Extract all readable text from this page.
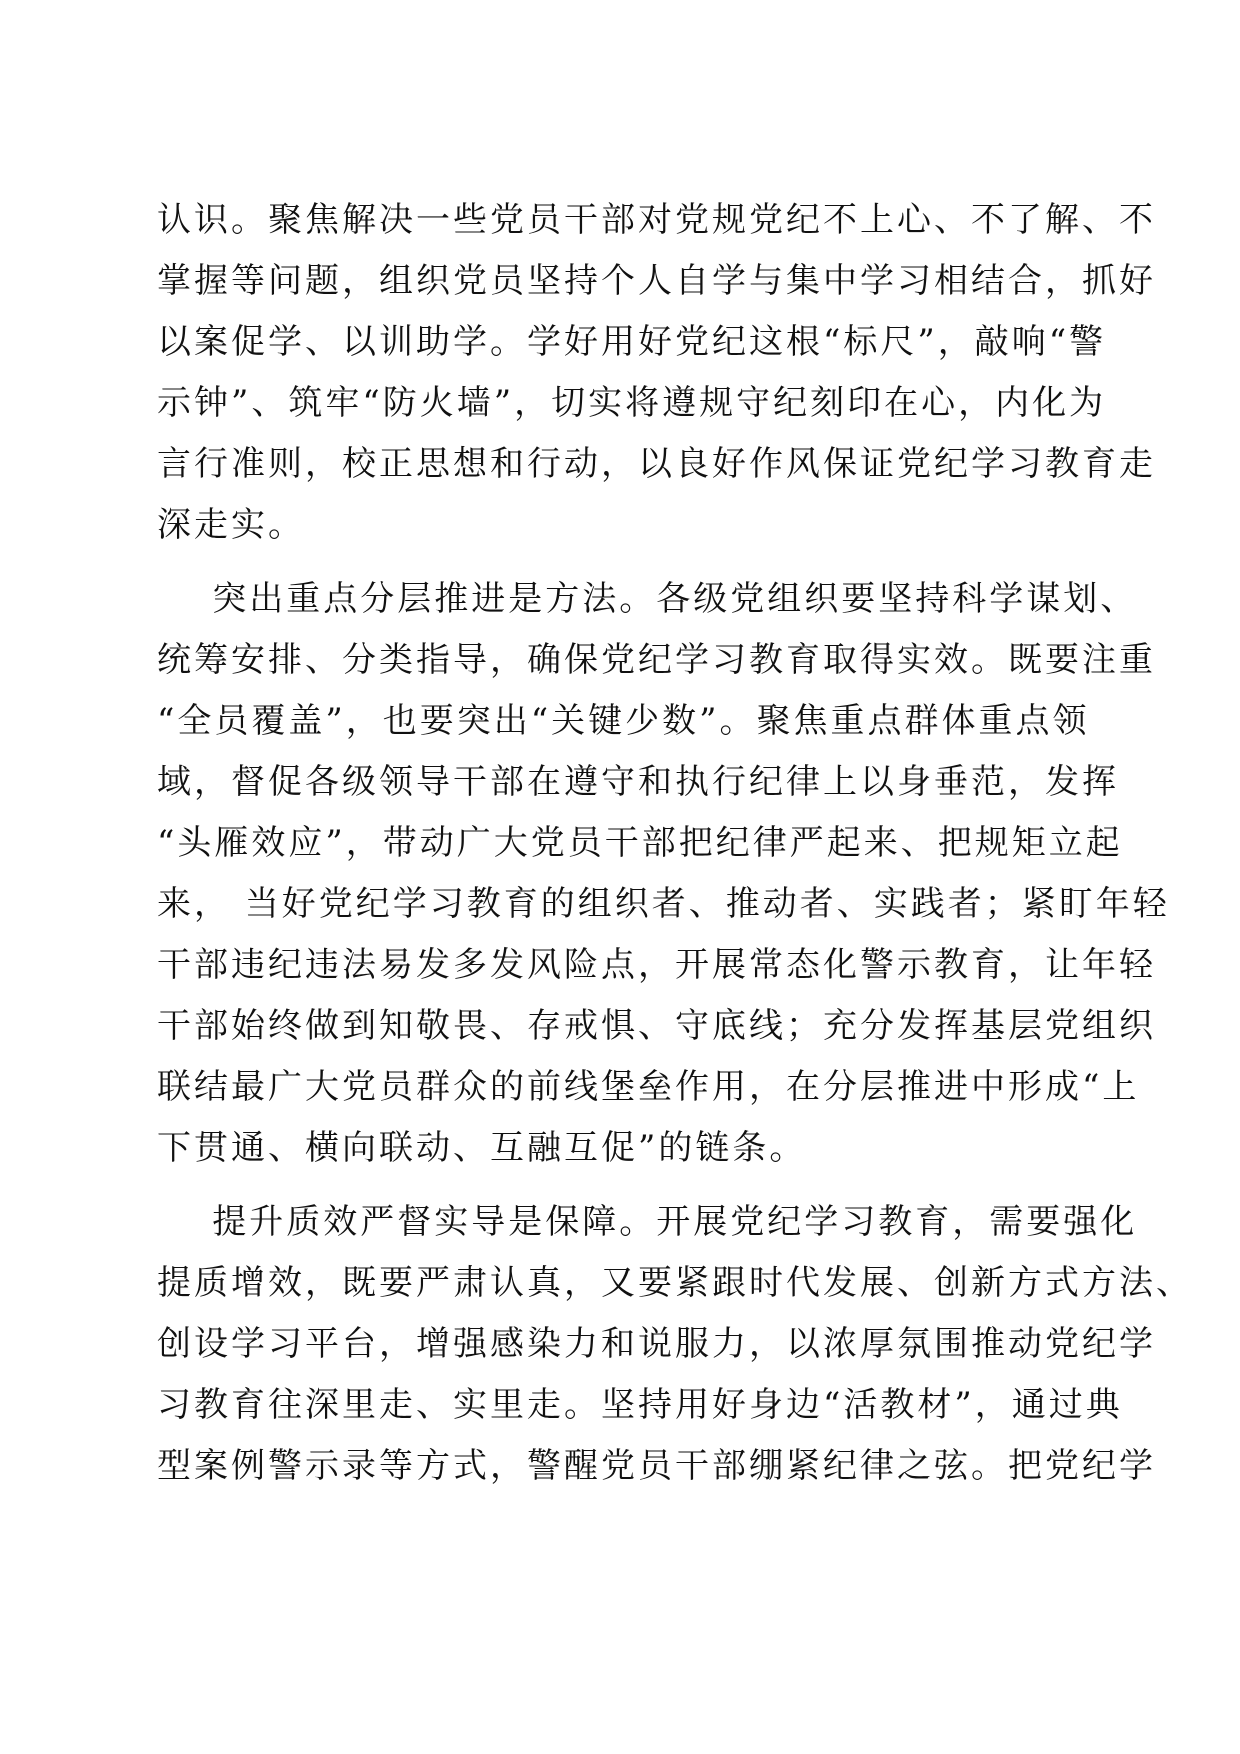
认识。聚焦解决一些党员干部对党规党纪不上心、不了解、不
掌握等问题，组织党员坚持个人自学与集中学习相结合，抓好
以案促学、以训助学。学好用好党纪这根“标尺”，敲响“警
示钟”、筑牢“防火墙”，切实将遵规守纪刻印在心，内化为
言行准则，校正思想和行动，以良好作风保证党纪学习教育走
深走实。
突出重点分层推进是方法。各级党组织要坚持科学谋划、
统筹安排、分类指导，确保党纪学习教育取得实效。既要注重
“全员覆盖”，也要突出“关键少数”。聚焦重点群体重点领
域，督促各级领导干部在遵守和执行纪律上以身垂范，发挥
“头雁效应”，带动广大党员干部把纪律严起来、把规矩立起
来， 当好党纪学习教育的组织者、推动者、实践者；紧盯年轻
干部违纪违法易发多发风险点，开展常态化警示教育，让年轻
干部始终做到知敬畏、存戒惧、守底线；充分发挥基层党组织
联结最广大党员群众的前线堡垒作用，在分层推进中形成“上
下贯通、横向联动、互融互促”的链条。
提升质效严督实导是保障。开展党纪学习教育，需要强化
提质增效，既要严肃认真，又要紧跟时代发展、创新方式方法、
创设学习平台，增强感染力和说服力，以浓厚氛围推动党纪学
习教育往深里走、实里走。坚持用好身边“活教材”，通过典
型案例警示录等方式，警醒党员干部绷紧纪律之弦。把党纪学
